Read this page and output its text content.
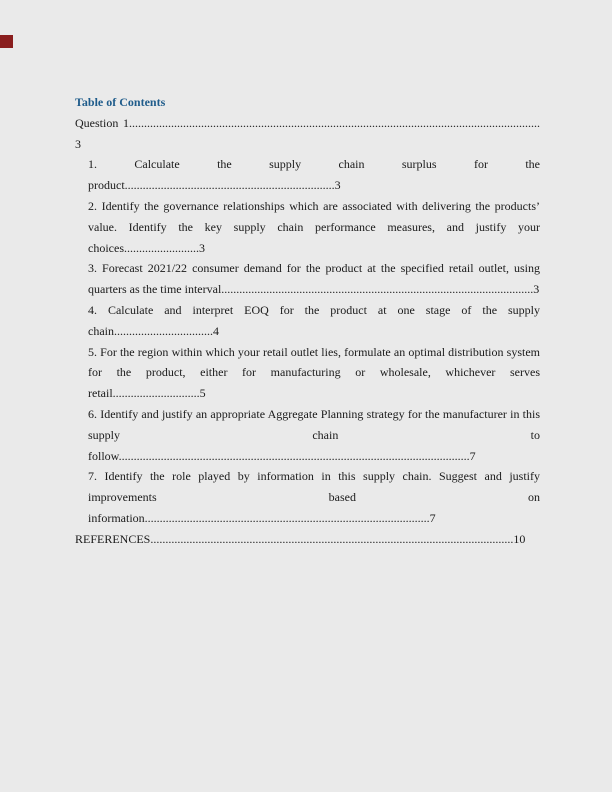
Table of Contents
Question 1.........................................................................................................................................3
1. Calculate the supply chain surplus for the product......................................................................3
2. Identify the governance relationships which are associated with delivering the products’ value. Identify the key supply chain performance measures, and justify your choices.........................3
3. Forecast 2021/22 consumer demand for the product at the specified retail outlet, using quarters as the time interval........................................................................................................3
4. Calculate and interpret EOQ for the product at one stage of the supply chain.................................4
5. For the region within which your retail outlet lies, formulate an optimal distribution system for the product, either for manufacturing or wholesale, whichever serves retail.............................5
6. Identify and justify an appropriate Aggregate Planning strategy for the manufacturer in this supply chain to follow.....................................................................................................................7
7. Identify the role played by information in this supply chain. Suggest and justify improvements based on information...............................................................................................7
REFERENCES.........................................................................................................................10
